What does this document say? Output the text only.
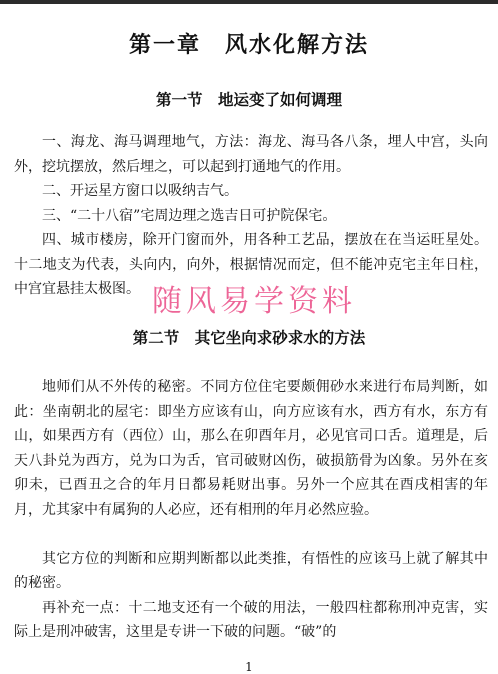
第一章　风水化解方法
第一节　地运变了如何调理

一、海龙、海马调理地气，方法：海龙、海马各八条，埋人中宫，头向外，挖坑摆放，然后埋之，可以起到打通地气的作用。

二、开运星方窗口以吸纳吉气。

三、“二十八宿”宅周边理之选吉日可护院保宅。

四、城市楼房，除开门窗而外，用各种工艺品，摆放在在当运旺星处。十二地支为代表，头向内，向外，根据情况而定，但不能冲克宅主年日柱，中宫宜悬挂太极图。 随风易学资料
第二节　其它坐向求砂求水的方法

地师们从不外传的秘密。不同方位住宅要颇佣砂水来进行布局判断，如此：坐南朝北的屋宅：即坐方应该有山，向方应该有水，西方有水，东方有山，如果西方有（西位）山，那么在卯酉年月，必见官司口舌。道理是，后天八卦兑为西方，兑为口为舌，官司破财凶伤，破损筋骨为凶象。另外在亥卯未，已酉丑之合的年月日都易耗财出事。另外一个应其在酉戌相害的年月，尤其家中有属狗的人必应，还有相刑的年月必然应验。

其它方位的判断和应期判断都以此类推，有悟性的应该马上就了解其中的秘密。

再补充一点：十二地支还有一个破的用法，一般四柱都称刑冲克害，实际上是刑冲破害，这里是专讲一下破的问题。“破”的

1
